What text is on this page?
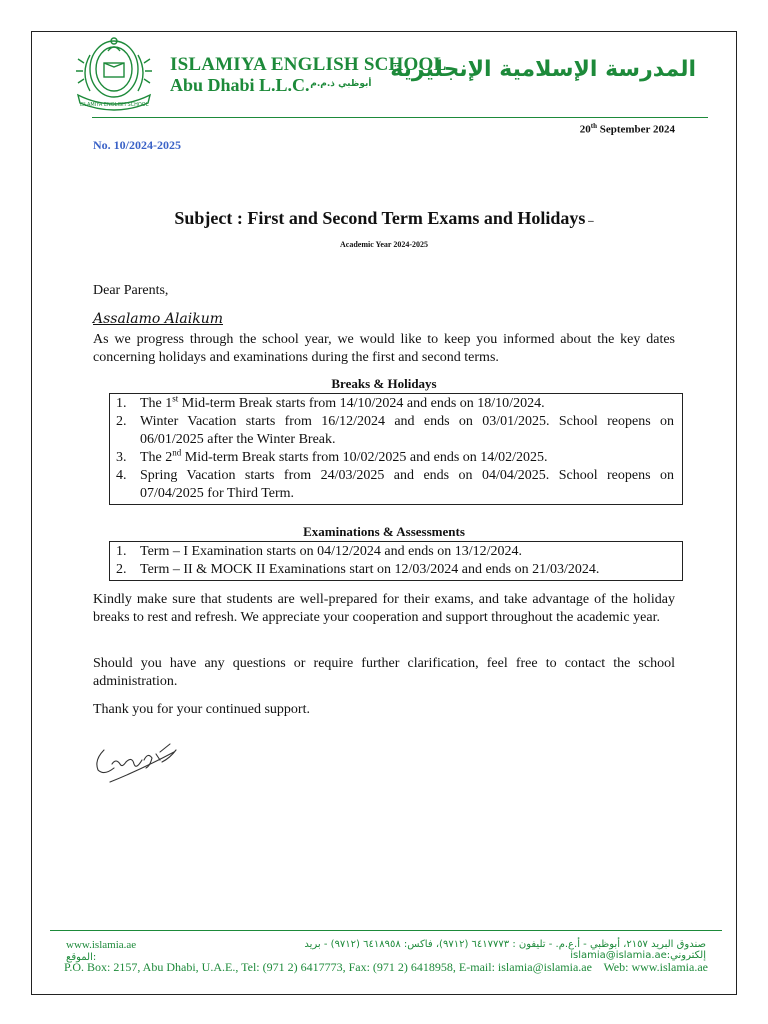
ISLAMIYA ENGLISH SCHOOL
ISLAMIYA ENGLISH SCHOOL
Abu Dhabi L.L.C.
المدرسة الإسلامية الإنجليزية
أبوظبي ذ.م.م
20th September 2024
No. 10/2024-2025
Subject : First and Second Term Exams and Holidays –
Academic Year 2024-2025
Dear Parents,
Assalamo Alaikum
As we progress through the school year, we would like to keep you informed about the key dates concerning holidays and examinations during the first and second terms.
Breaks & Holidays
1. The 1st Mid-term Break starts from 14/10/2024 and ends on 18/10/2024.
2. Winter Vacation starts from 16/12/2024 and ends on 03/01/2025. School reopens on 06/01/2025 after the Winter Break.
3. The 2nd Mid-term Break starts from 10/02/2025 and ends on 14/02/2025.
4. Spring Vacation starts from 24/03/2025 and ends on 04/04/2025. School reopens on 07/04/2025 for Third Term.
Examinations & Assessments
1. Term – I Examination starts on 04/12/2024 and ends on 13/12/2024.
2. Term – II & MOCK II Examinations start on 12/03/2024 and ends on 21/03/2024.
Kindly make sure that students are well-prepared for their exams, and take advantage of the holiday breaks to rest and refresh. We appreciate your cooperation and support throughout the academic year.
Should you have any questions or require further clarification, feel free to contact the school administration.
Thank you for your continued support.
www.islamia.ae الموقع:
صندوق البريد ٢١٥٧، أبوظبي - أ.ع.م. - تليفون : ٦٤١٧٧٧٣ (٩٧١٢)، فاكس: ٦٤١٨٩٥٨ (٩٧١٢) - بريد إلكتروني:islamia@islamia.ae
P.O. Box: 2157, Abu Dhabi, U.A.E., Tel: (971 2) 6417773, Fax: (971 2) 6418958, E-mail: islamia@islamia.ae Web: www.islamia.ae
